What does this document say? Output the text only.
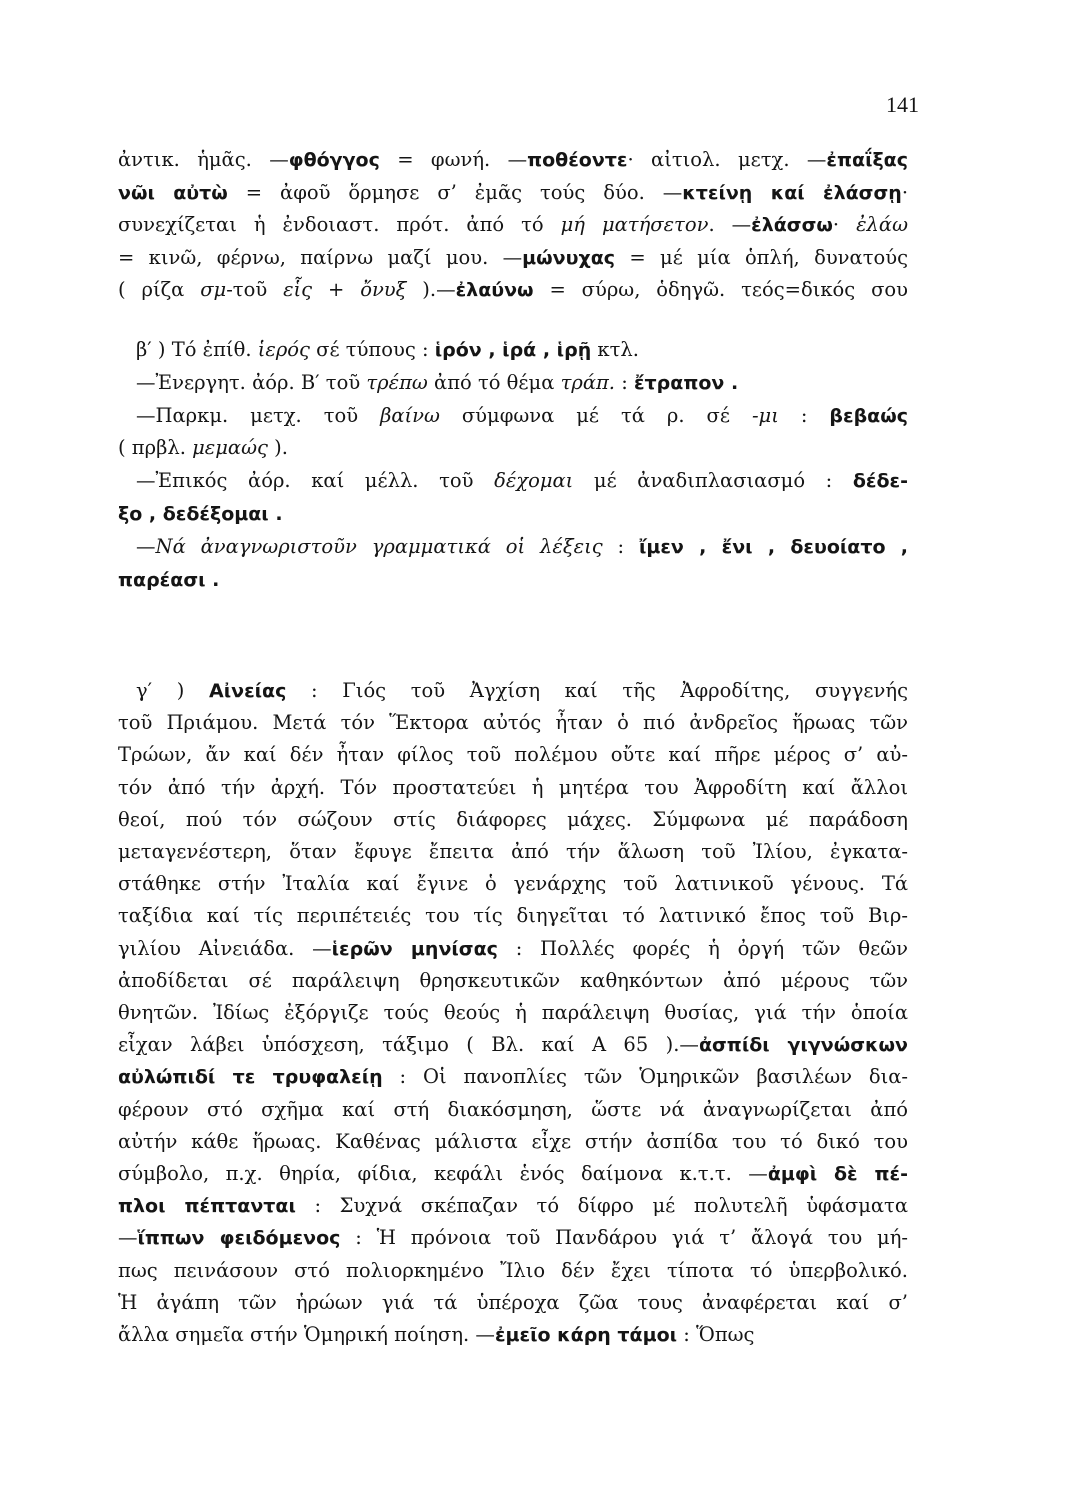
141
ἀντικ. ἡμᾶς. —φθόγγος = φωνή. —ποθέοντε· αἰτιολ. μετχ. —ἐπαΐξας
νῶι αὐτὼ = ἀφοῦ ὅρμησε σ’ ἐμᾶς τούς δύο. —κτείνῃ καί ἐλάσσῃ·
συνεχίζεται ἡ ἐνδοιαστ. πρότ. ἀπό τό μή ματήσετον. —ἐλάσσω· ἐλάω
= κινῶ, φέρνω, παίρνω μαζί μου. —μώνυχας = μέ μία ὁπλή, δυνατούς
( ρίζα σμ-τοῦ εἷς + ὄνυξ ).—ἐλαύνω = σύρω, ὁδηγῶ. τεός=δικός σου
β′ ) Τό ἐπίθ. ἱερός σέ τύπους : ἱρόν , ἱρά , ἱρῇ κτλ.
—Ἐνεργητ. ἀόρ. Β′ τοῦ τρέπω ἀπό τό θέμα τράπ. : ἔτραπον .
—Παρκμ. μετχ. τοῦ βαίνω σύμφωνα μέ τά ρ. σέ -μι : βεβαώς
( πρβλ. μεμαώς ).
—Ἐπικός ἀόρ. καί μέλλ. τοῦ δέχομαι μέ ἀναδιπλασιασμό : δέδε-
ξο , δεδέξομαι .
—Νά ἀναγνωριστοῦν γραμματικά οἱ λέξεις : ἴμεν , ἔνι , δευοίατο ,
παρέασι .
γ′ ) Αἰνείας : Γιός τοῦ Ἀγχίση καί τῆς Ἀφροδίτης, συγγενής
τοῦ Πριάμου. Μετά τόν Ἕκτορα αὐτός ἦταν ὁ πιό ἀνδρεῖος ἥρωας τῶν
Τρώων, ἄν καί δέν ἦταν φίλος τοῦ πολέμου οὔτε καί πῆρε μέρος σ’ αὐ-
τόν ἀπό τήν ἀρχή. Τόν προστατεύει ἡ μητέρα του Ἀφροδίτη καί ἄλλοι
θεοί, πού τόν σώζουν στίς διάφορες μάχες. Σύμφωνα μέ παράδοση
μεταγενέστερη, ὅταν ἔφυγε ἔπειτα ἀπό τήν ἅλωση τοῦ Ἰλίου, ἐγκατα-
στάθηκε στήν Ἰταλία καί ἔγινε ὁ γενάρχης τοῦ λατινικοῦ γένους. Τά
ταξίδια καί τίς περιπέτειές του τίς διηγεῖται τό λατινικό ἔπος τοῦ Βιρ-
γιλίου Αἰνειάδα. —ἱερῶν μηνίσας : Πολλές φορές ἡ ὀργή τῶν θεῶν
ἀποδίδεται σέ παράλειψη θρησκευτικῶν καθηκόντων ἀπό μέρους τῶν
θνητῶν. Ἰδίως ἐξόργιζε τούς θεούς ἡ παράλειψη θυσίας, γιά τήν ὁποία
εἶχαν λάβει ὑπόσχεση, τάξιμο ( Βλ. καί Α 65 ).—ἀσπίδι γιγνώσκων
αὐλώπιδί τε τρυφαλείῃ : Οἱ πανοπλίες τῶν Ὁμηρικῶν βασιλέων δια-
φέρουν στό σχῆμα καί στή διακόσμηση, ὥστε νά ἀναγνωρίζεται ἀπό
αὐτήν κάθε ἥρωας. Καθένας μάλιστα εἶχε στήν ἀσπίδα του τό δικό του
σύμβολο, π.χ. θηρία, φίδια, κεφάλι ἑνός δαίμονα κ.τ.τ. —ἀμφὶ δὲ πέ-
πλοι πέπτανται : Συχνά σκέπαζαν τό δίφρο μέ πολυτελῆ ὑφάσματα
—ἵππων φειδόμενος : Ἡ πρόνοια τοῦ Πανδάρου γιά τ’ ἄλογά του μή-
πως πεινάσουν στό πολιορκημένο Ἴλιο δέν ἔχει τίποτα τό ὑπερβολικό.
Ἡ ἀγάπη τῶν ἡρώων γιά τά ὑπέροχα ζῶα τους ἀναφέρεται καί σ’
ἄλλα σημεῖα στήν Ὁμηρική ποίηση. —ἐμεῖο κάρη τάμοι : Ὅπως
